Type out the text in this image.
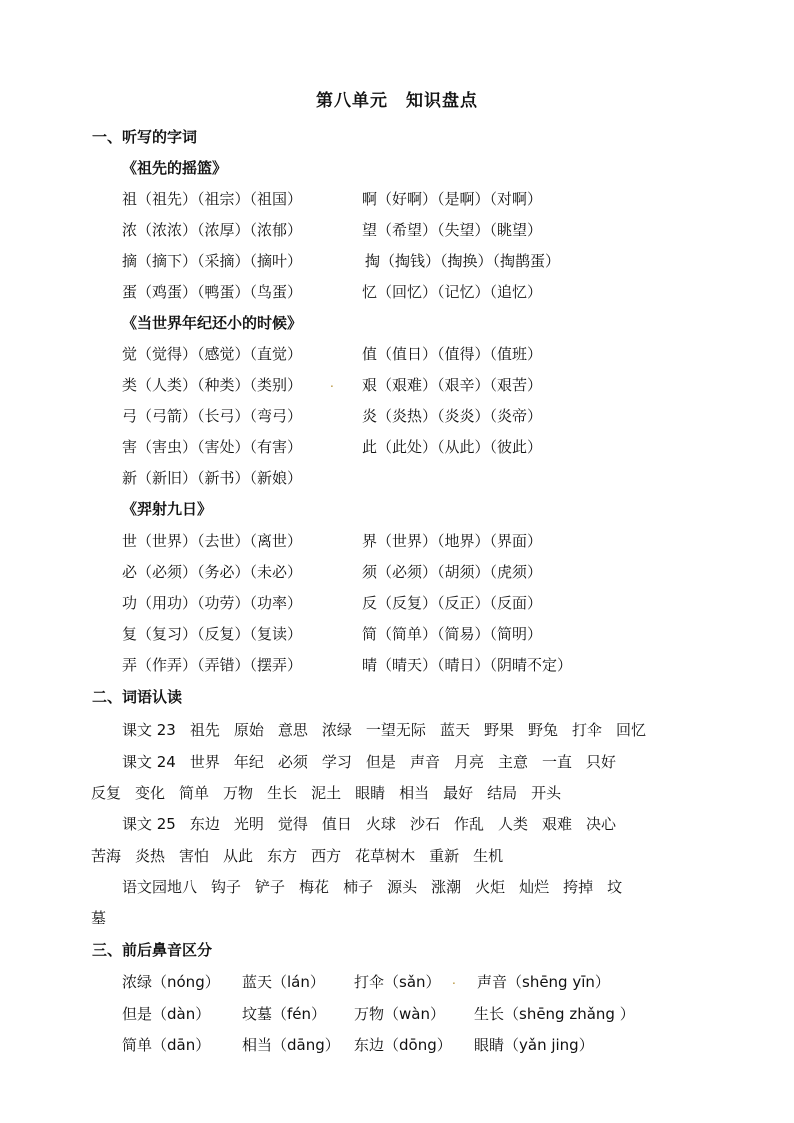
第八单元　知识盘点
一、听写的字词
《祖先的摇篮》
祖（祖先）（祖宗）（祖国）	啊（好啊）（是啊）（对啊）
浓（浓浓）（浓厚）（浓郁）	望（希望）（失望）（眺望）
摘（摘下）（采摘）（摘叶）	掏（掏钱）（掏换）（掏鹊蛋）
蛋（鸡蛋）（鸭蛋）（鸟蛋）	忆（回忆）（记忆）（追忆）
《当世界年纪还小的时候》
觉（觉得）（感觉）（直觉）	值（值日）（值得）（值班）
类（人类）（种类）（类别） . 艰（艰难）（艰辛）（艰苦）
弓（弓箭）（长弓）（弯弓）	炎（炎热）（炎炎）（炎帝）
害（害虫）（害处）（有害）	此（此处）（从此）（彼此）
新（新旧）（新书）（新娘）
《羿射九日》
世（世界）（去世）（离世）	界（世界）（地界）（界面）
必（必须）（务必）（未必）	须（必须）（胡须）（虎须）
功（用功）（功劳）（功率）	反（反复）（反正）（反面）
复（复习）（反复）（复读）	简（简单）（简易）（简明）
弄（作弄）（弄错）（摆弄）	晴（晴天）（晴日）（阴晴不定）
二、词语认读
课文 23 祖先 原始 意思 浓绿 一望无际 蓝天 野果 野兔 打伞 回忆
课文 24 世界 年纪 必须 学习 但是 声音 月亮 主意 一直 只好
反复 变化 简单 万物 生长 泥土 眼睛 相当 最好 结局 开头
课文 25 东边 光明 觉得 值日 火球 沙石 作乱 人类 艰难 决心
苦海 炎热 害怕 从此 东方 西方 花草树木 重新 生机
语文园地八 钩子 铲子 梅花 柿子 源头 涨潮 火炬 灿烂 挎掉 坟
墓
三、前后鼻音区分
浓绿（nóng） 蓝天（lán） 打伞（sǎn） . 声音（shēng yīn）
但是（dàn） 坟墓（fén） 万物（wàn） 生长（shēng zhǎng ）
简单（dān） 相当（dāng） 东边（dōng） 眼睛（yǎn jing）
